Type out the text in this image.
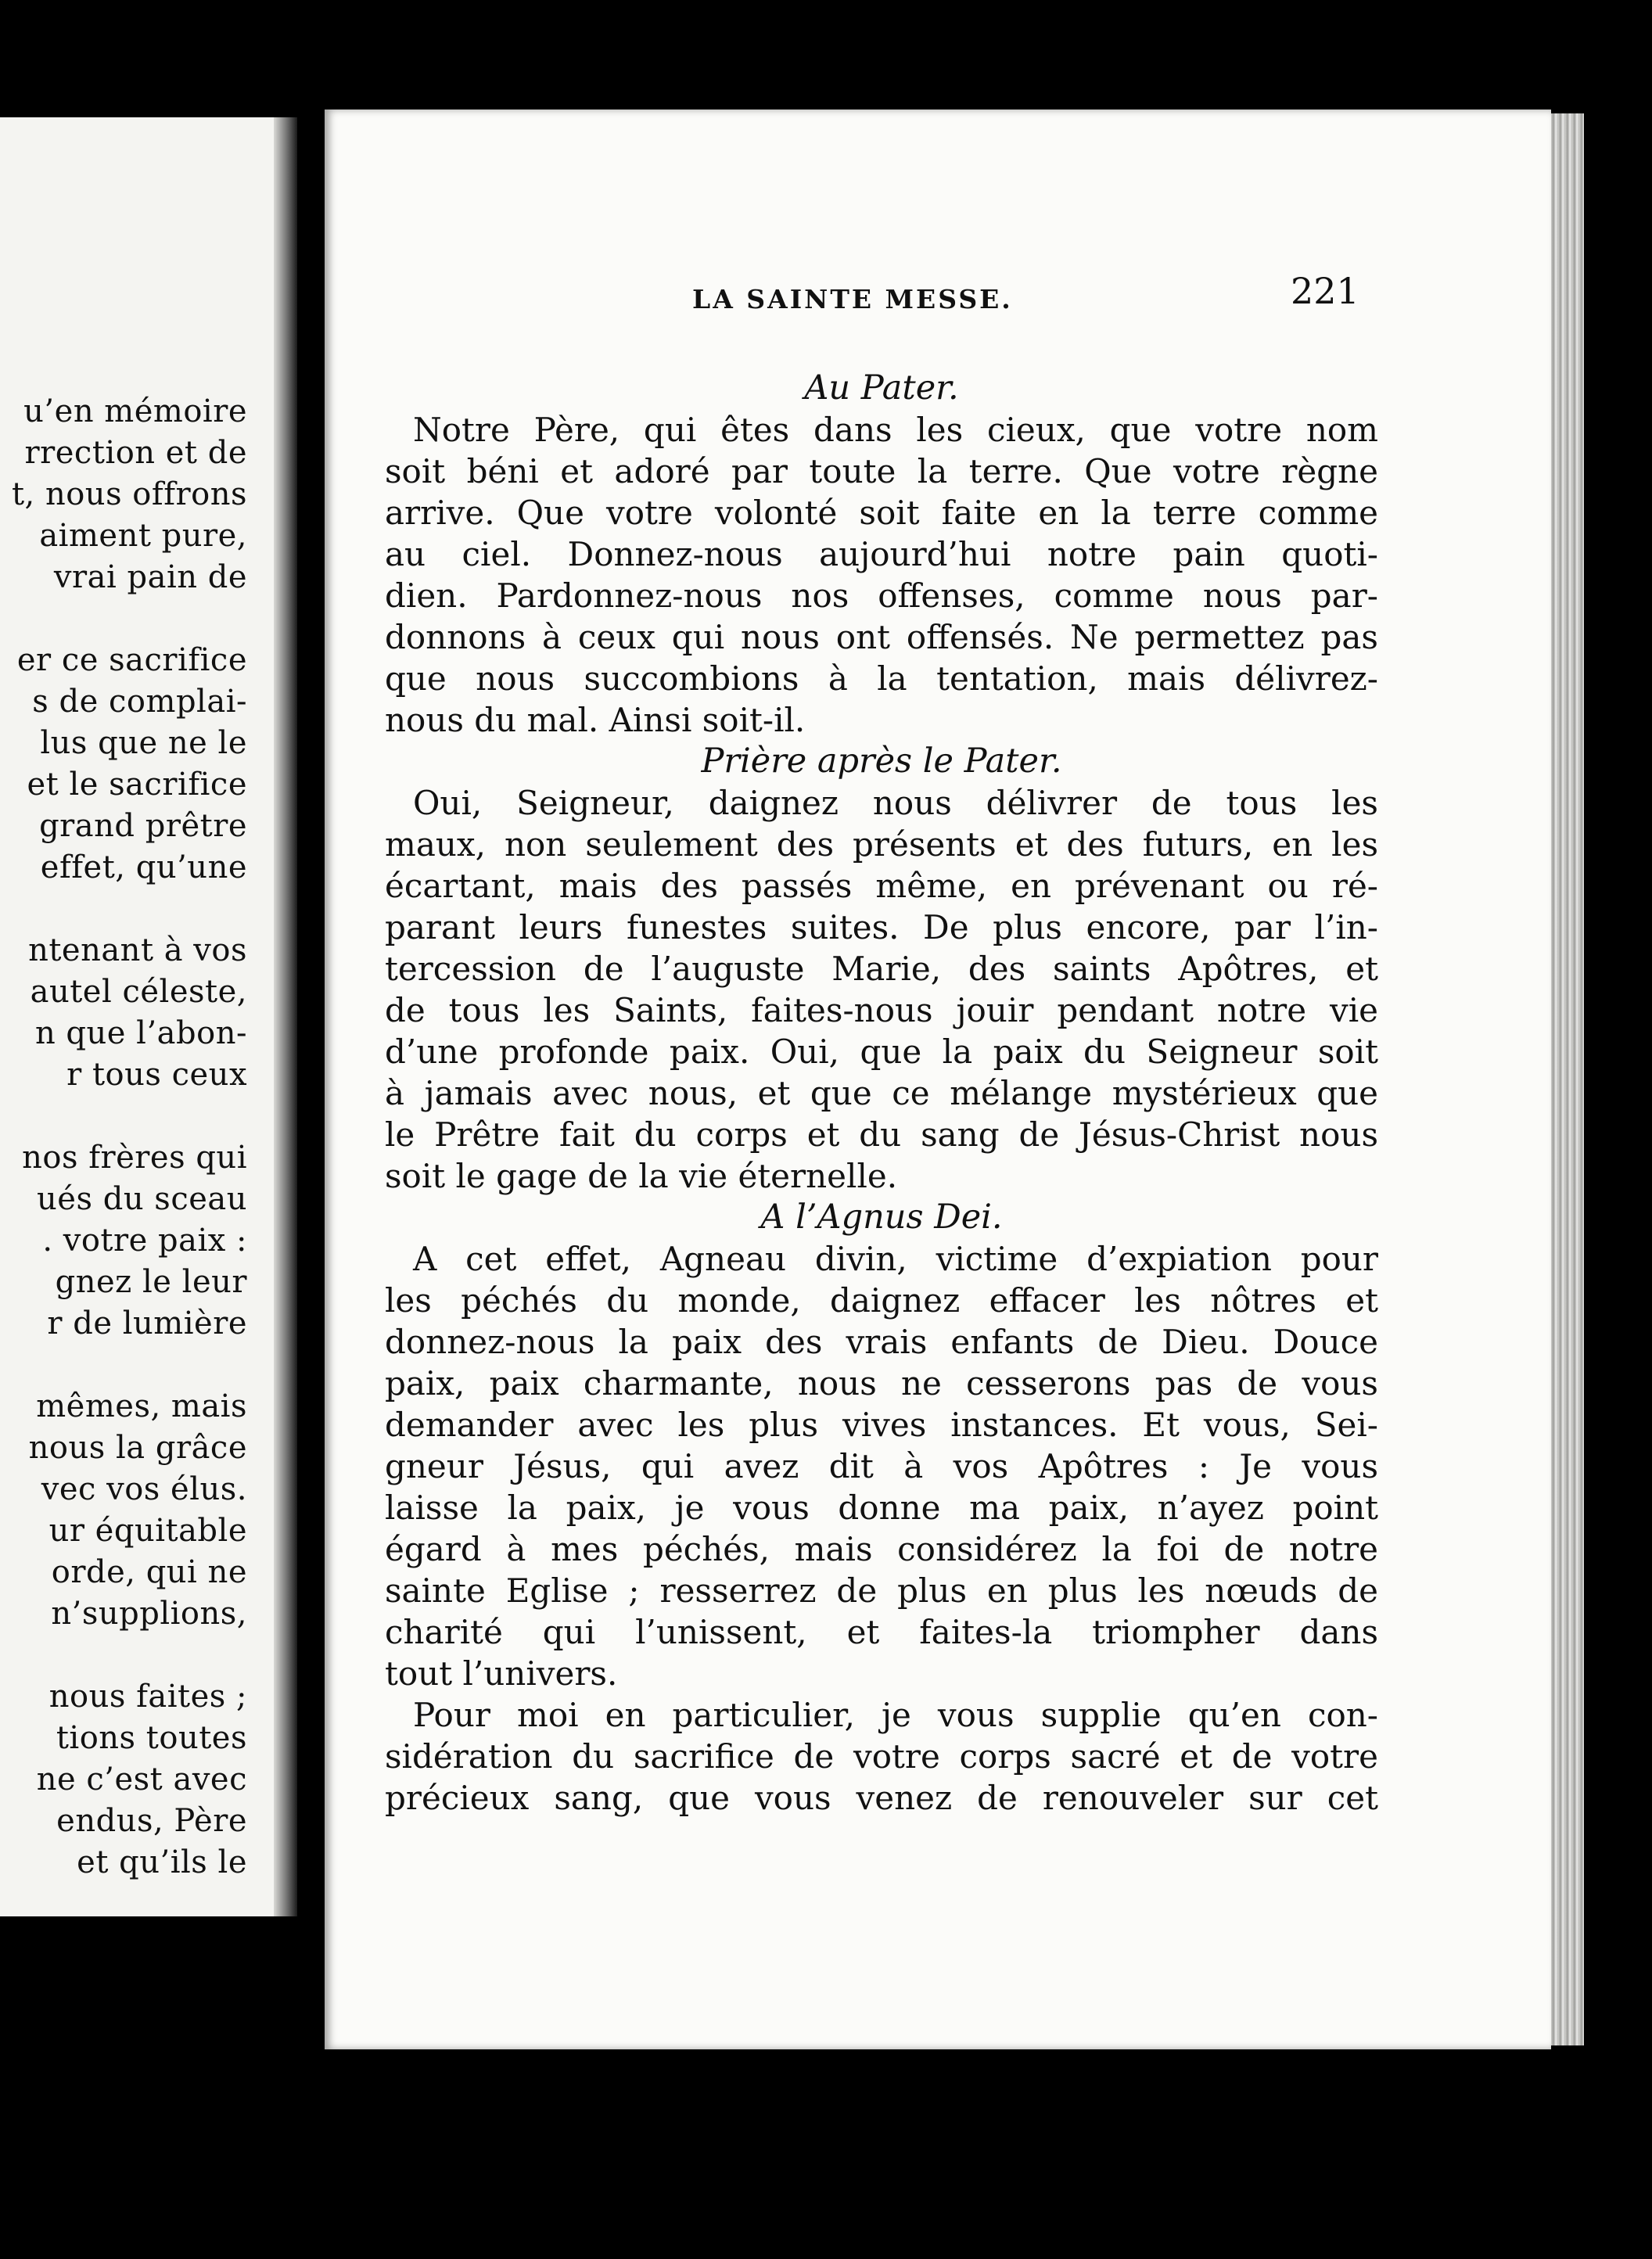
u’en mémoire
rrection et de
t, nous offrons
aiment pure,
vrai pain de
er ce sacrifice
s de complai-
lus que ne le
et le sacrifice
grand prêtre
effet, qu’une
ntenant à vos
autel céleste,
n que l’abon-
r tous ceux
nos frères qui
ués du sceau
. votre paix :
gnez le leur
r de lumière
mêmes, mais
nous la grâce
vec vos élus.
ur équitable
orde, qui ne
n’supplions,
nous faites ;
tions toutes
ne c’est avec
endus, Père
et qu’ils le
LA SAINTE MESSE.	221
Au Pater.
Notre Père, qui êtes dans les cieux, que votre nom
soit béni et adoré par toute la terre. Que votre règne
arrive. Que votre volonté soit faite en la terre comme
au ciel. Donnez-nous aujourd’hui notre pain quoti-
dien. Pardonnez-nous nos offenses, comme nous par-
donnons à ceux qui nous ont offensés. Ne permettez pas
que nous succombions à la tentation, mais délivrez-
nous du mal. Ainsi soit-il.
Prière après le Pater.
Oui, Seigneur, daignez nous délivrer de tous les
maux, non seulement des présents et des futurs, en les
écartant, mais des passés même, en prévenant ou ré-
parant leurs funestes suites. De plus encore, par l’in-
tercession de l’auguste Marie, des saints Apôtres, et
de tous les Saints, faites-nous jouir pendant notre vie
d’une profonde paix. Oui, que la paix du Seigneur soit
à jamais avec nous, et que ce mélange mystérieux que
le Prêtre fait du corps et du sang de Jésus-Christ nous
soit le gage de la vie éternelle.
A l’Agnus Dei.
A cet effet, Agneau divin, victime d’expiation pour
les péchés du monde, daignez effacer les nôtres et
donnez-nous la paix des vrais enfants de Dieu. Douce
paix, paix charmante, nous ne cesserons pas de vous
demander avec les plus vives instances. Et vous, Sei-
gneur Jésus, qui avez dit à vos Apôtres : Je vous
laisse la paix, je vous donne ma paix, n’ayez point
égard à mes péchés, mais considérez la foi de notre
sainte Eglise ; resserrez de plus en plus les nœuds de
charité qui l’unissent, et faites-la triompher dans
tout l’univers.
Pour moi en particulier, je vous supplie qu’en con-
sidération du sacrifice de votre corps sacré et de votre
précieux sang, que vous venez de renouveler sur cet
